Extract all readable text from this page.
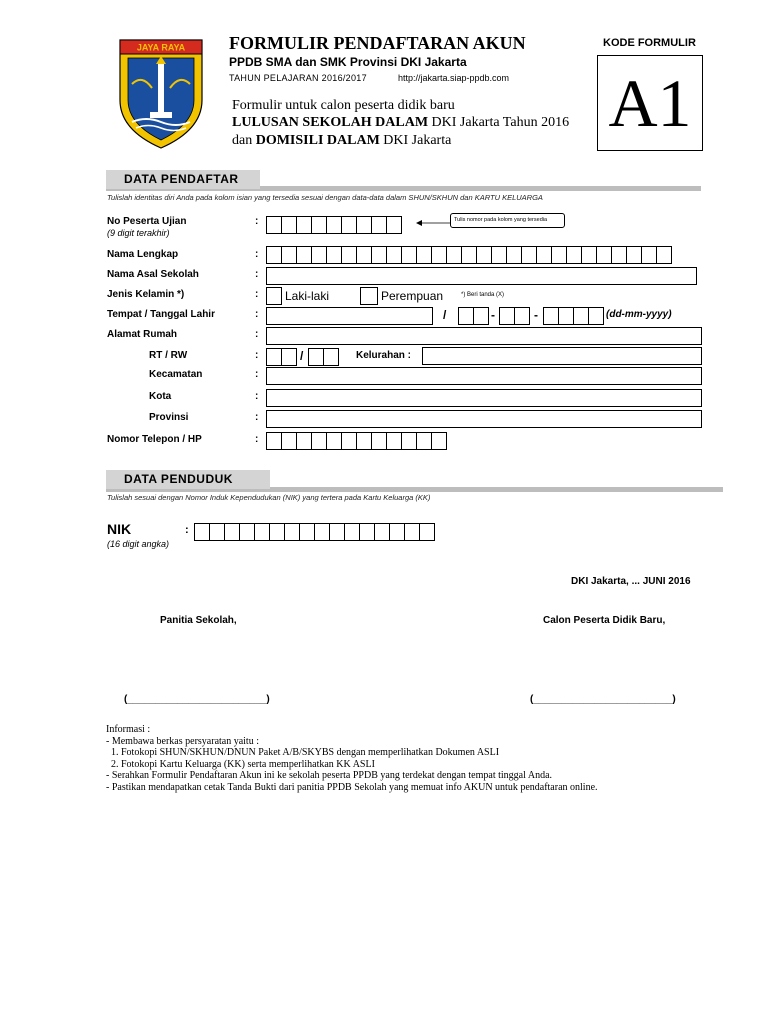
JAYA RAYA FORMULIR PENDAFTARAN AKUN
PPDB SMA dan SMK Provinsi DKI Jakarta
TAHUN PELAJARAN 2016/2017	http://jakarta.siap-ppdb.com
Formulir untuk calon peserta didik baru
LULUSAN SEKOLAH DALAM DKI Jakarta Tahun 2016
dan DOMISILI DALAM DKI Jakarta
KODE FORMULIR
A1
DATA PENDAFTAR
Tulislah identitas diri Anda pada kolom isian yang tersedia sesuai dengan data-data dalam SHUN/SKHUN dan KARTU KELUARGA
No Peserta Ujian
(9 digit terakhir)
:	Tulis nomor pada kolom yang tersedia
Nama Lengkap	:
Nama Asal Sekolah	:
Jenis Kelamin *)	: Laki-laki	Perempuan	*) Beri tanda (X)
Tempat / Tanggal Lahir	:	/	-	-	(dd-mm-yyyy)
Alamat Rumah	:
RT / RW	:	/	Kelurahan :
Kecamatan	:
Kota	:
Provinsi	:
Nomor Telepon / HP	:
DATA PENDUDUK
Tulislah sesuai dengan Nomor Induk Kependudukan (NIK) yang tertera pada Kartu Keluarga (KK)
NIK
(16 digit angka)
:
DKI Jakarta, ... JUNI 2016
Panitia Sekolah,	Calon Peserta Didik Baru,
(_________________________)	(_________________________)
Informasi :
- Membawa berkas persyaratan yaitu :
1. Fotokopi SHUN/SKHUN/DNUN Paket A/B/SKYBS dengan memperlihatkan Dokumen ASLI
2. Fotokopi Kartu Keluarga (KK) serta memperlihatkan KK ASLI
- Serahkan Formulir Pendaftaran Akun ini ke sekolah peserta PPDB yang terdekat dengan tempat tinggal Anda.
- Pastikan mendapatkan cetak Tanda Bukti dari panitia PPDB Sekolah yang memuat info AKUN untuk pendaftaran online.
